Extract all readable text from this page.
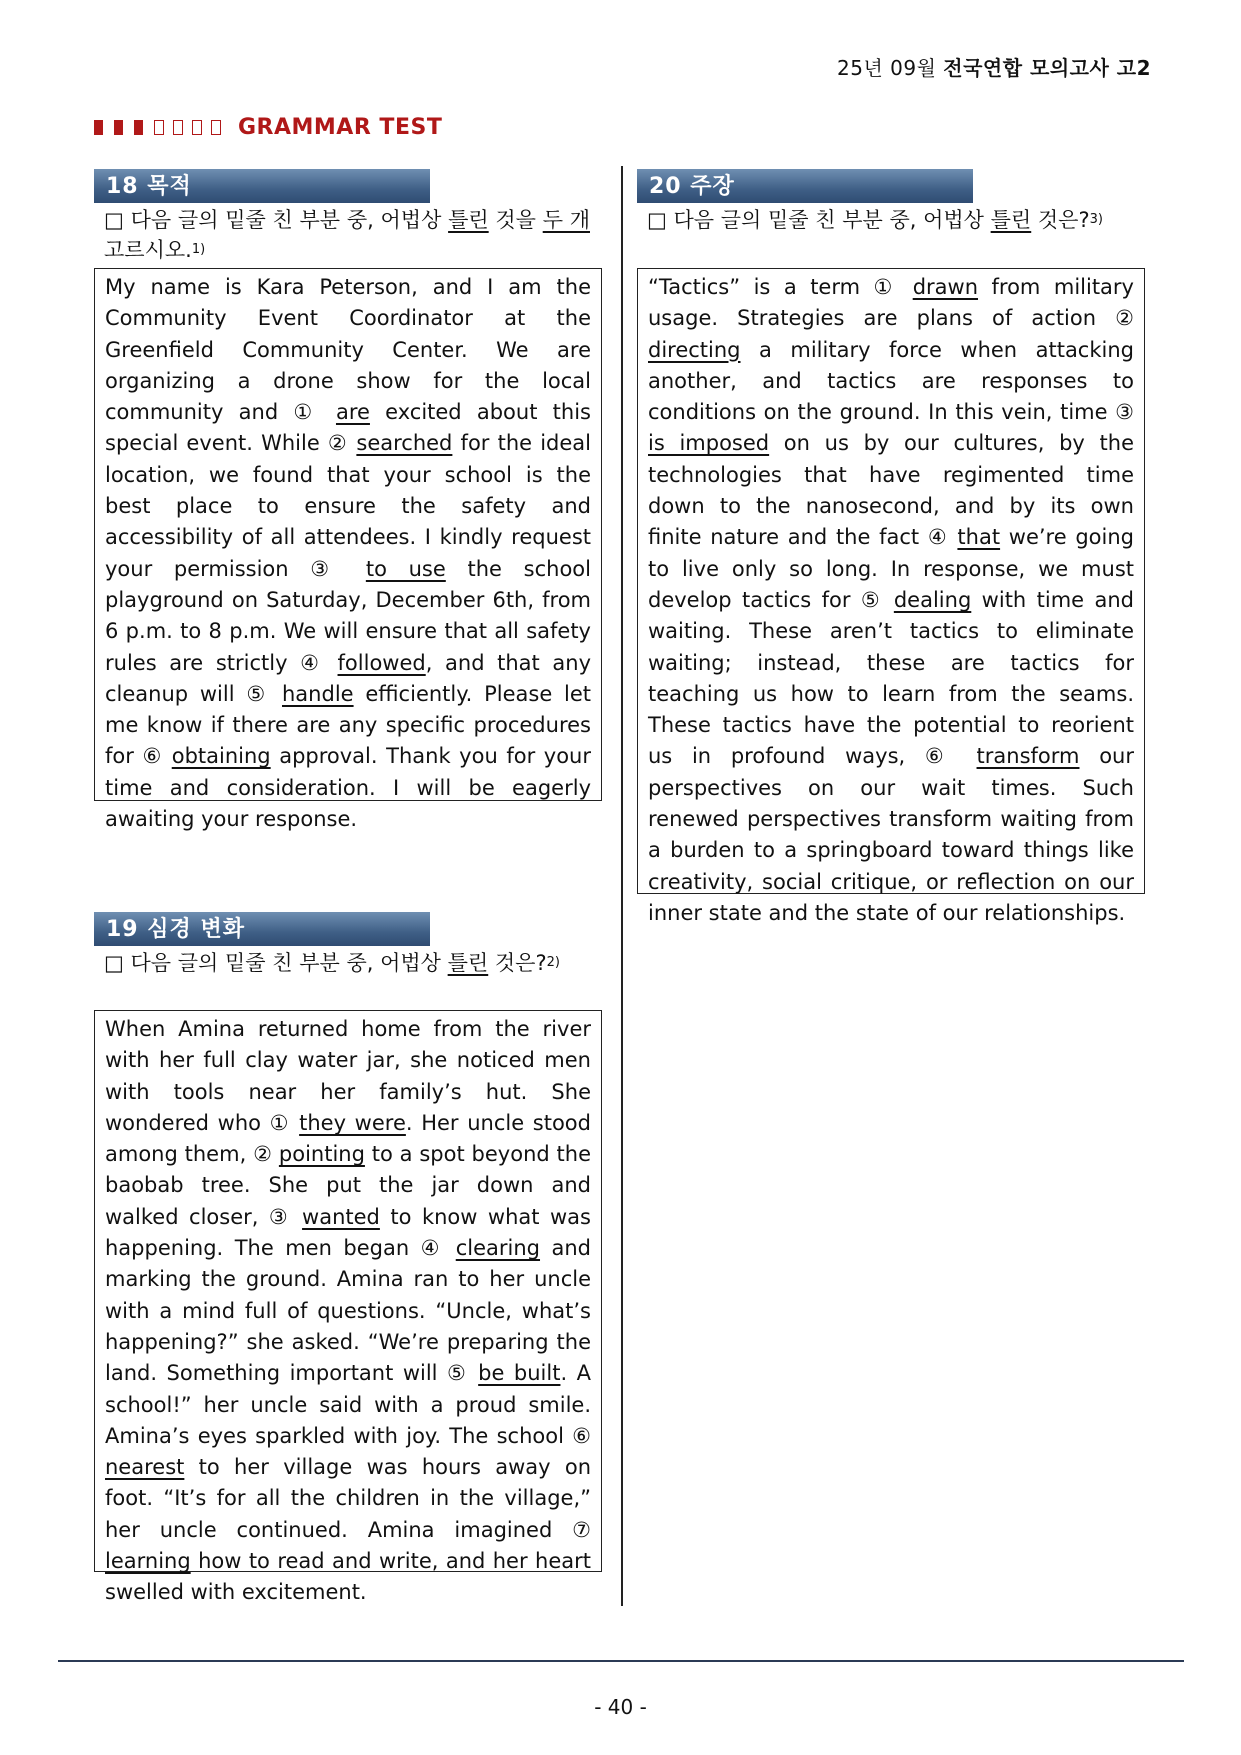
25년 09월 전국연합 모의고사 고2
GRAMMAR TEST
18 목적
□ 다음 글의 밑줄 친 부분 중, 어법상 틀린 것을 두 개 고르시오.$^{1)}$
My name is Kara Peterson, and I am the Community Event Coordinator at the Greenfield Community Center. We are organizing a drone show for the local community and ① are excited about this special event. While ② searched for the ideal location, we found that your school is the best place to ensure the safety and accessibility of all attendees. I kindly request your permission ③ to use the school playground on Saturday, December 6th, from 6 p.m. to 8 p.m. We will ensure that all safety rules are strictly ④ followed, and that any cleanup will ⑤ handle efficiently. Please let me know if there are any specific procedures for ⑥ obtaining approval. Thank you for your time and consideration. I will be eagerly awaiting your response.
19 심경 변화
□ 다음 글의 밑줄 친 부분 중, 어법상 틀린 것은?$^{2)}$
When Amina returned home from the river with her full clay water jar, she noticed men with tools near her family’s hut. She wondered who ① they were. Her uncle stood among them, ② pointing to a spot beyond the baobab tree. She put the jar down and walked closer, ③ wanted to know what was happening. The men began ④ clearing and marking the ground. Amina ran to her uncle with a mind full of questions. “Uncle, what’s happening?” she asked. “We’re preparing the land. Something important will ⑤ be built. A school!” her uncle said with a proud smile. Amina’s eyes sparkled with joy. The school ⑥ nearest to her village was hours away on foot. “It’s for all the children in the village,” her uncle continued. Amina imagined ⑦ learning how to read and write, and her heart swelled with excitement.
20 주장
□ 다음 글의 밑줄 친 부분 중, 어법상 틀린 것은?$^{3)}$
“Tactics” is a term ① drawn from military usage. Strategies are plans of action ② directing a military force when attacking another, and tactics are responses to conditions on the ground. In this vein, time ③ is imposed on us by our cultures, by the technologies that have regimented time down to the nanosecond, and by its own finite nature and the fact ④ that we’re going to live only so long. In response, we must develop tactics for ⑤ dealing with time and waiting. These aren’t tactics to eliminate waiting; instead, these are tactics for teaching us how to learn from the seams. These tactics have the potential to reorient us in profound ways, ⑥ transform our perspectives on our wait times. Such renewed perspectives transform waiting from a burden to a springboard toward things like creativity, social critique, or reflection on our inner state and the state of our relationships.
- 40 -
